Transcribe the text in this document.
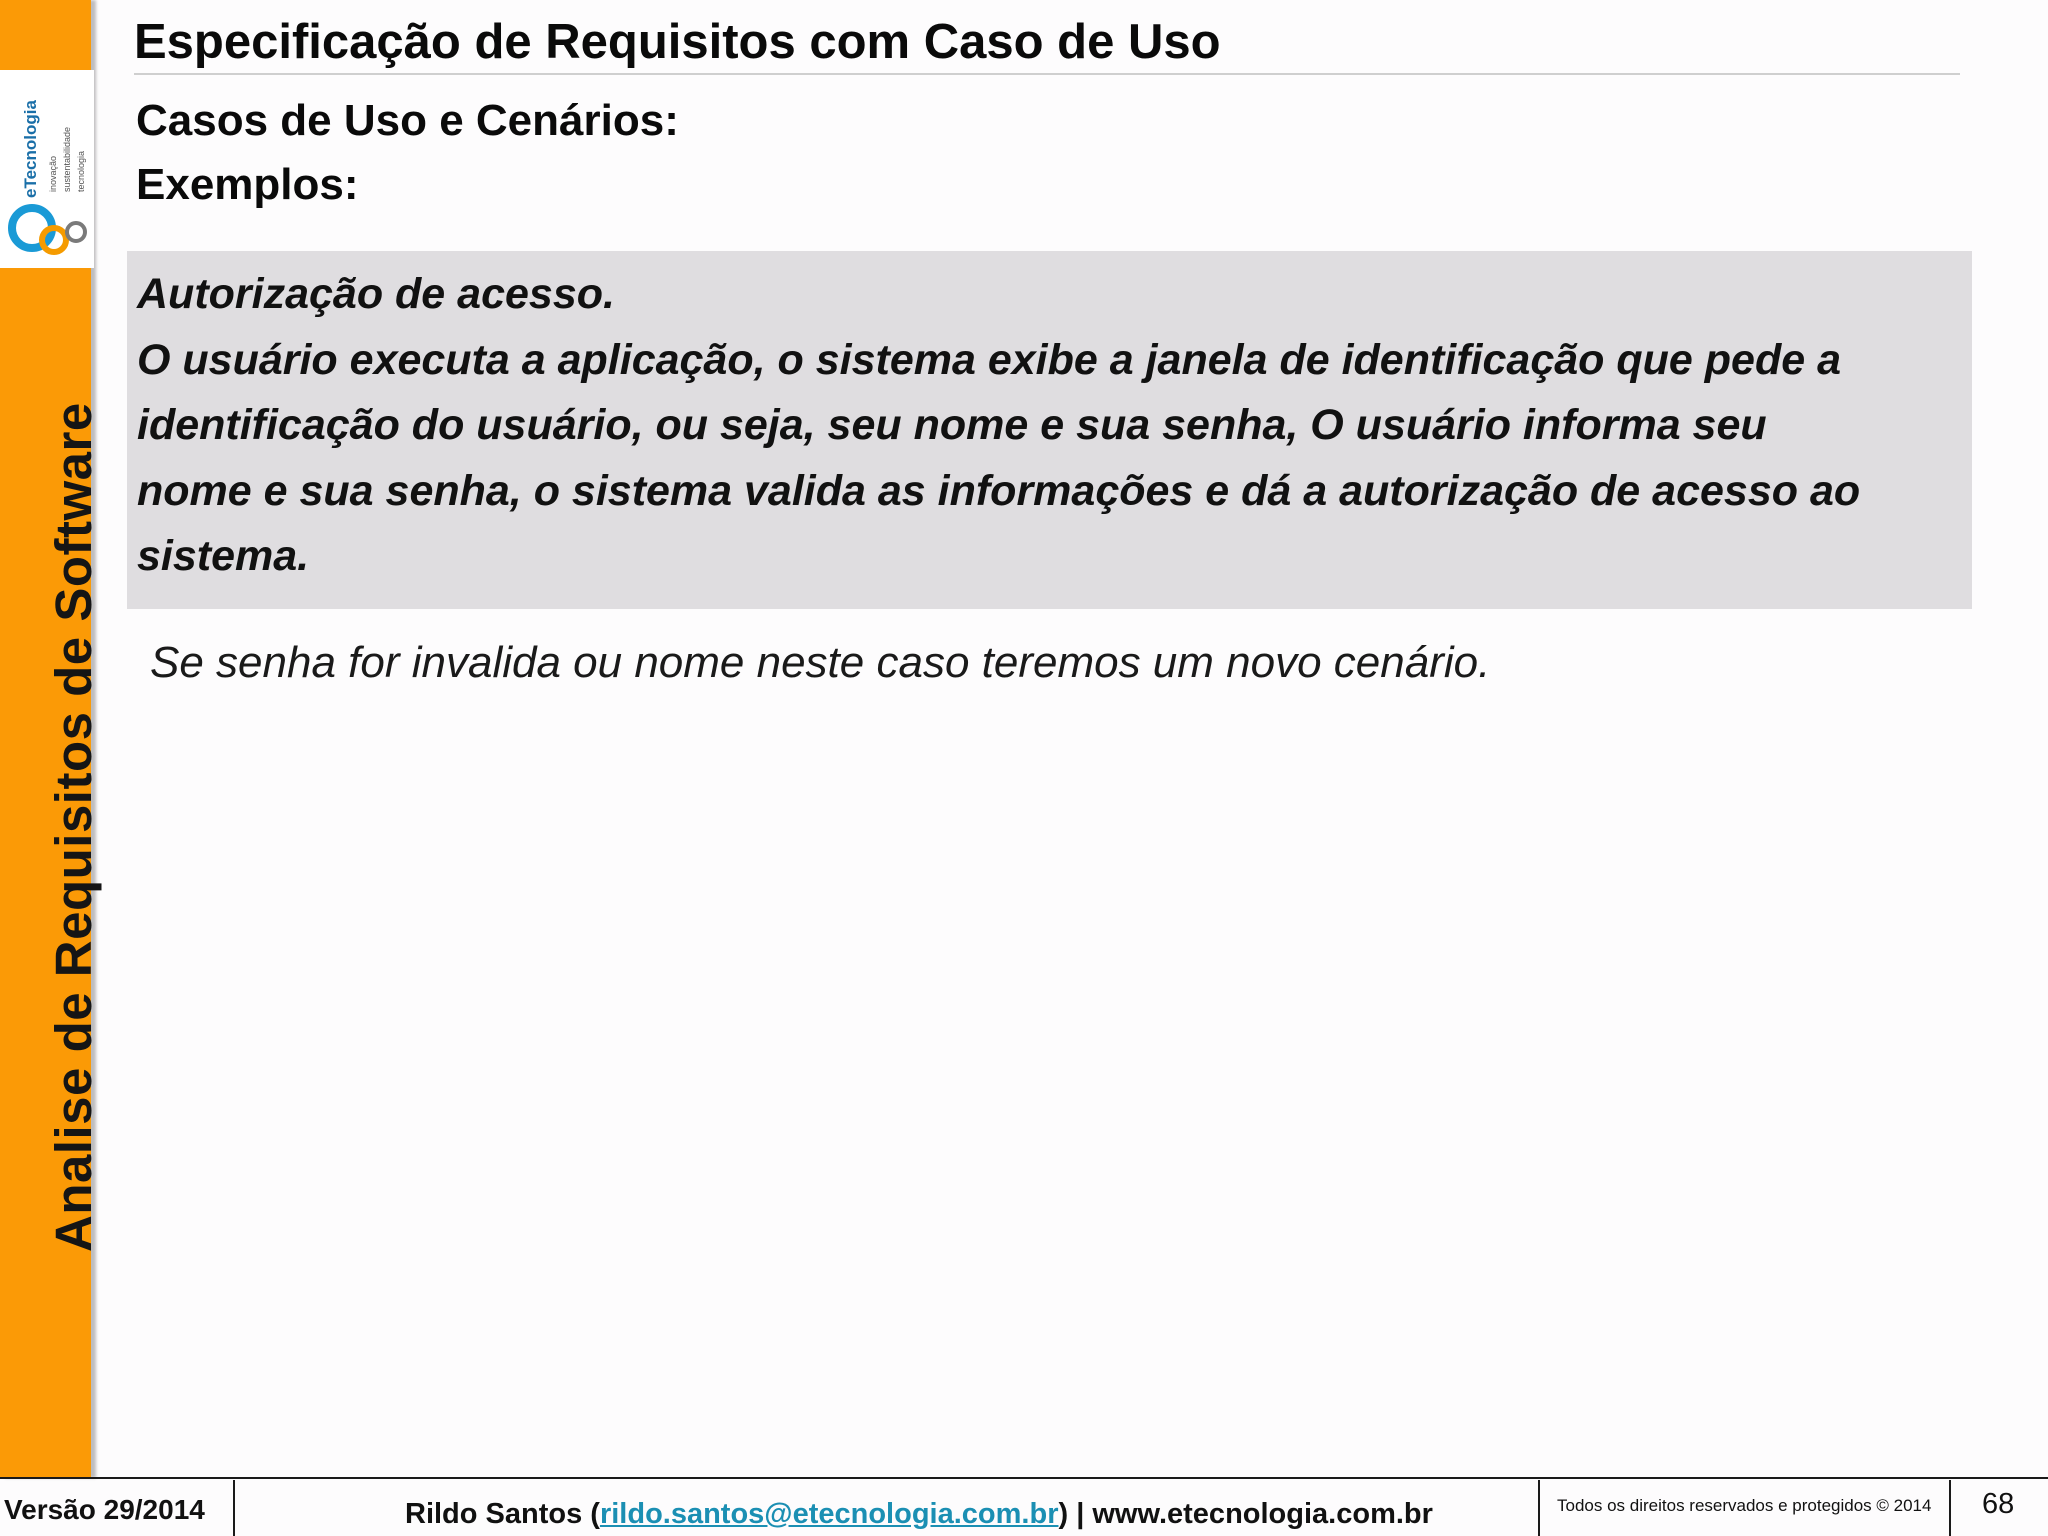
eTecnologia inovação sustentabilidade tecnologia
Analise de Requisitos de Software
Especificação de Requisitos com Caso de Uso
Casos de Uso e Cenários:
Exemplos:

Autorização de acesso.

O usuário executa a aplicação, o sistema exibe a janela de identificação que pede a

identificação do usuário, ou seja, seu nome e sua senha, O usuário informa seu

nome e sua senha, o sistema valida as informações e dá a autorização de acesso ao

sistema.

Se senha for invalida ou nome neste caso teremos um novo cenário.
Versão 29/2014	Rildo Santos (rildo.santos@etecnologia.com.br) | www.etecnologia.com.br	Todos os direitos reservados e protegidos © 2014 68
